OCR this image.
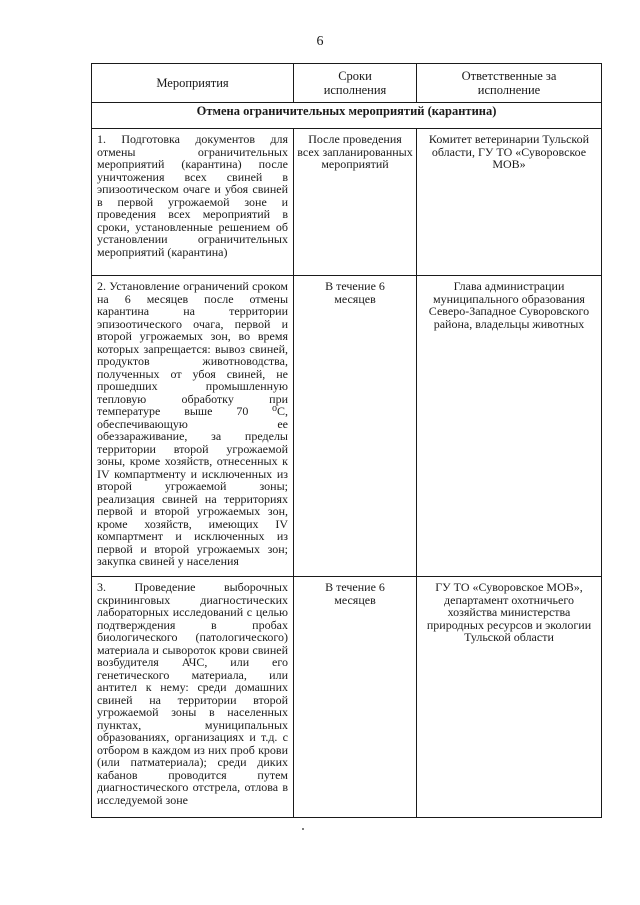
6
Мероприятия	Сроки исполнения	Ответственные за исполнение
Отмена ограничительных мероприятий (карантина)		
1. Подготовка документов для отмены ограничительных мероприятий (карантина) после уничтожения всех свиней в эпизоотическом очаге и убоя свиней в первой угрожаемой зоне и проведения всех мероприятий в сроки, установленные решением об установлении ограничительных мероприятий (карантина)	После проведения всех запланированных мероприятий	Комитет ветеринарии Тульской области, ГУ ТО «Суворовское МОВ»
2. Установление ограничений сроком на 6 месяцев после отмены карантина на территории эпизоотического очага, первой и второй угрожаемых зон, во время которых запрещается: вывоз свиней, продуктов животноводства, полученных от убоя свиней, не прошедших промышленную тепловую обработку при температуре выше 70 ⁰С, обеспечивающую ее обеззараживание, за пределы территории второй угрожаемой зоны, кроме хозяйств, отнесенных к IV компартменту и исключенных из второй угрожаемой зоны; реализация свиней на территориях первой и второй угрожаемых зон, кроме хозяйств, имеющих IV компартмент и исключенных из первой и второй угрожаемых зон; закупка свиней у населения	В течение 6 месяцев	Глава администрации муниципального образования Северо-Западное Суворовского района, владельцы животных
3. Проведение выборочных скрининговых диагностических лабораторных исследований с целью подтверждения в пробах биологического (патологического) материала и сывороток крови свиней возбудителя АЧС, или его генетического материала, или антител к нему: среди домашних свиней на территории второй угрожаемой зоны в населенных пунктах, муниципальных образованиях, организациях и т.д. с отбором в каждом из них проб крови (или патматериала); среди диких кабанов проводится путем диагностического отстрела, отлова в исследуемой зоне	В течение 6 месяцев	ГУ ТО «Суворовское МОВ», департамент охотничьего хозяйства министерства природных ресурсов и экологии Тульской области
